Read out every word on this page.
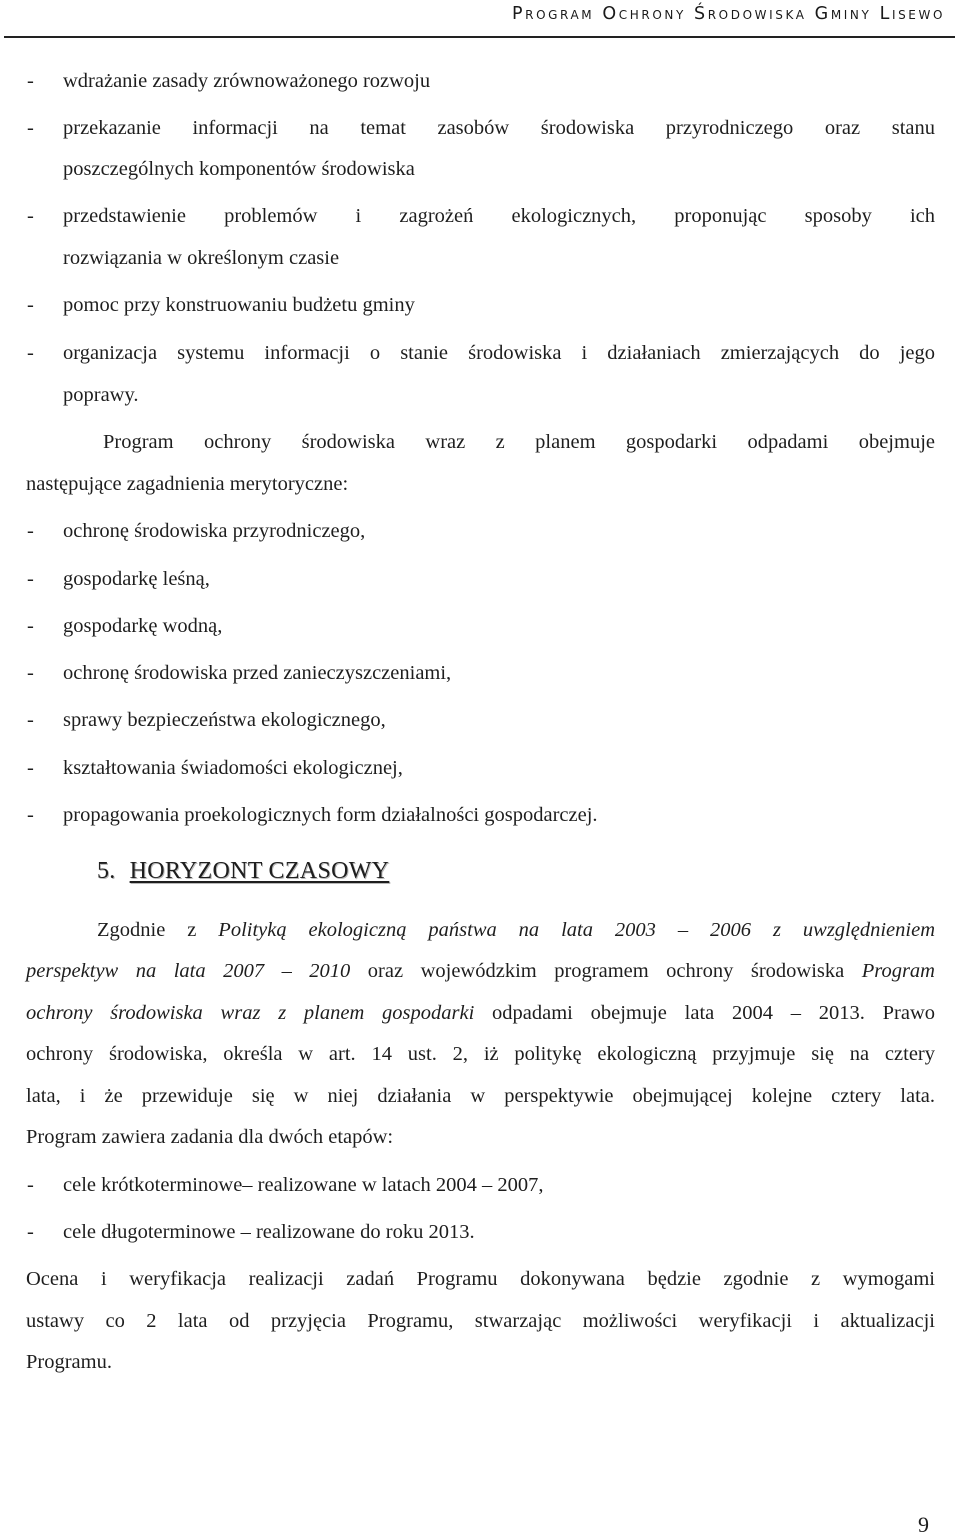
Program Ochrony Środowiska Gminy Lisewo
- wdrażanie zasady zrównoważonego rozwoju
- przekazanie informacji na temat zasobów środowiska przyrodniczego oraz stanu
poszczególnych komponentów środowiska
- przedstawienie problemów i zagrożeń ekologicznych, proponując sposoby ich
rozwiązania w określonym czasie
- pomoc przy konstruowaniu budżetu gminy
- organizacja systemu informacji o stanie środowiska i działaniach zmierzających do jego
poprawy.
Program ochrony środowiska wraz z planem gospodarki odpadami obejmuje
następujące zagadnienia merytoryczne:
- ochronę środowiska przyrodniczego,
- gospodarkę leśną,
- gospodarkę wodną,
- ochronę środowiska przed zanieczyszczeniami,
- sprawy bezpieczeństwa ekologicznego,
- kształtowania świadomości ekologicznej,
- propagowania proekologicznych form działalności gospodarczej.
5. HORYZONT CZASOWY
Zgodnie z Polityką ekologiczną państwa na lata 2003 – 2006 z uwzględnieniem
perspektyw na lata 2007 – 2010 oraz wojewódzkim programem ochrony środowiska Program
ochrony środowiska wraz z planem gospodarki odpadami obejmuje lata 2004 – 2013. Prawo
ochrony środowiska, określa w art. 14 ust. 2, iż politykę ekologiczną przyjmuje się na cztery
lata, i że przewiduje się w niej działania w perspektywie obejmującej kolejne cztery lata.
Program zawiera zadania dla dwóch etapów:
- cele krótkoterminowe– realizowane w latach 2004 – 2007,
- cele długoterminowe – realizowane do roku 2013.
Ocena i weryfikacja realizacji zadań Programu dokonywana będzie zgodnie z wymogami
ustawy co 2 lata od przyjęcia Programu, stwarzając możliwości weryfikacji i aktualizacji
Programu.
9
